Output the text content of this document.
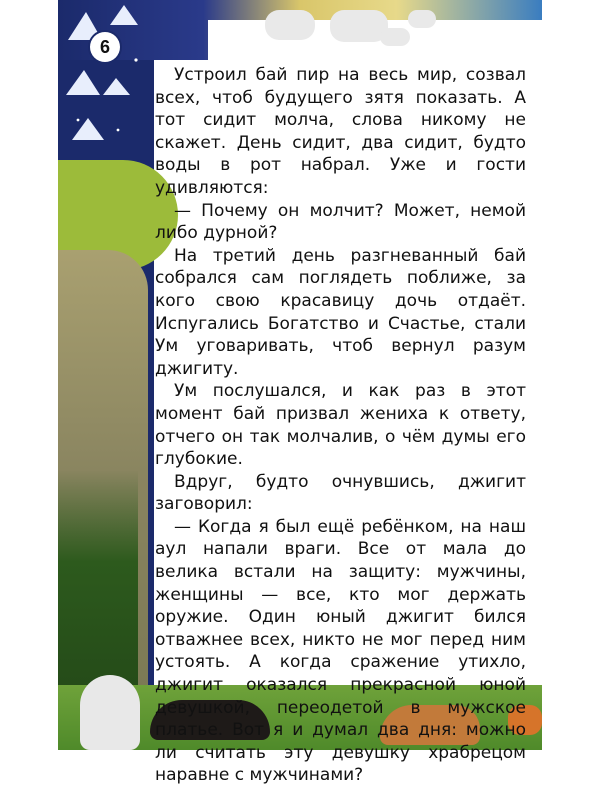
6

Устроил бай пир на весь мир, созвал всех, чтоб будущего зятя показать. А тот сидит молча, слова никому не скажет. День сидит, два сидит, будто воды в рот набрал. Уже и гости удивляются:

— Почему он молчит? Может, немой либо дурной?

На третий день разгневанный бай собрался сам поглядеть поближе, за кого свою красавицу дочь отдаёт. Испугались Богатство и Счастье, стали Ум уговаривать, чтоб вернул разум джигиту.

Ум послушался, и как раз в этот момент бай призвал жениха к ответу, отчего он так молчалив, о чём думы его глубокие.

Вдруг, будто очнувшись, джигит заговорил:

— Когда я был ещё ребёнком, на наш аул напали враги. Все от мала до велика встали на защиту: мужчины, женщины — все, кто мог держать оружие. Один юный джигит бился отважнее всех, никто не мог перед ним устоять. А когда сражение утихло, джигит оказался прекрасной юной девушкой, переодетой в мужское платье. Вот я и думал два дня: можно ли считать эту девушку храбрецом наравне с мужчинами?
